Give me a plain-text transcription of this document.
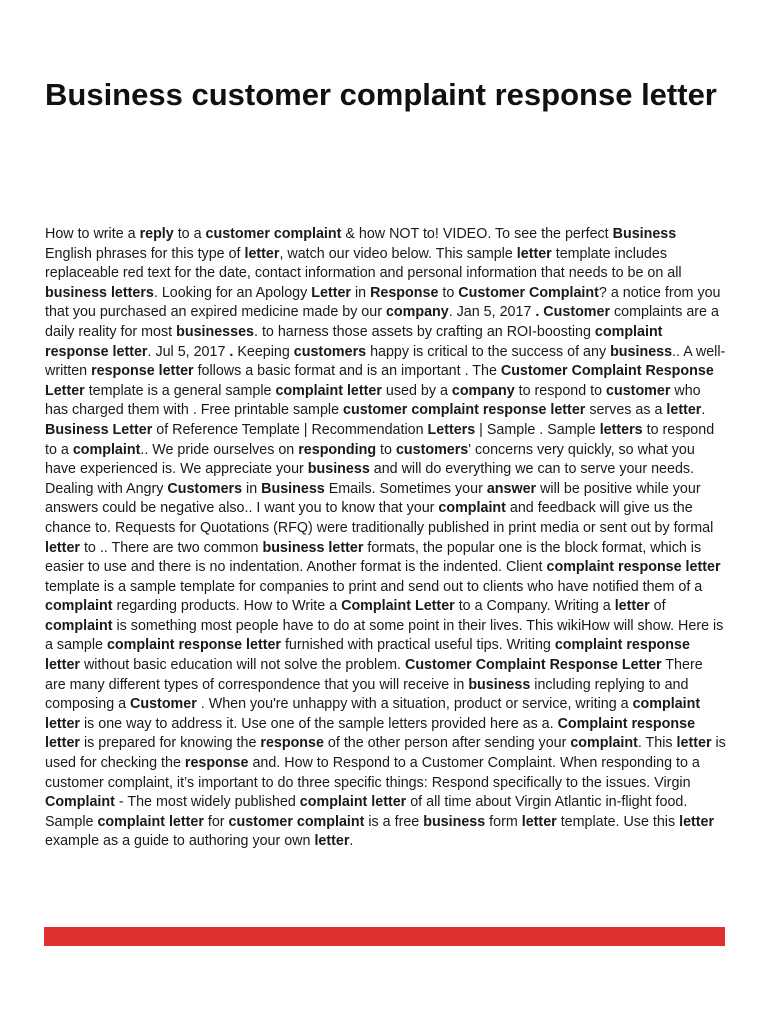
Business customer complaint response letter

How to write a reply to a customer complaint & how NOT to! VIDEO. To see the perfect Business English phrases for this type of letter, watch our video below. This sample letter template includes replaceable red text for the date, contact information and personal information that needs to be on all business letters. Looking for an Apology Letter in Response to Customer Complaint? a notice from you that you purchased an expired medicine made by our company. Jan 5, 2017 . Customer complaints are a daily reality for most businesses. to harness those assets by crafting an ROI-boosting complaint response letter. Jul 5, 2017 . Keeping customers happy is critical to the success of any business.. A well- written response letter follows a basic format and is an important . The Customer Complaint Response Letter template is a general sample complaint letter used by a company to respond to customer who has charged them with . Free printable sample customer complaint response letter serves as a letter. Business Letter of Reference Template | Recommendation Letters | Sample . Sample letters to respond to a complaint.. We pride ourselves on responding to customers' concerns very quickly, so what you have experienced is. We appreciate your business and will do everything we can to serve your needs. Dealing with Angry Customers in Business Emails. Sometimes your answer will be positive while your answers could be negative also.. I want you to know that your complaint and feedback will give us the chance to. Requests for Quotations (RFQ) were traditionally published in print media or sent out by formal letter to .. There are two common business letter formats, the popular one is the block format, which is easier to use and there is no indentation. Another format is the indented. Client complaint response letter template is a sample template for companies to print and send out to clients who have notified them of a complaint regarding products. How to Write a Complaint Letter to a Company. Writing a letter of complaint is something most people have to do at some point in their lives. This wikiHow will show. Here is a sample complaint response letter furnished with practical useful tips. Writing complaint response letter without basic education will not solve the problem. Customer Complaint Response Letter There are many different types of correspondence that you will receive in business including replying to and composing a Customer . When you're unhappy with a situation, product or service, writing a complaint letter is one way to address it. Use one of the sample letters provided here as a. Complaint response letter is prepared for knowing the response of the other person after sending your complaint. This letter is used for checking the response and. How to Respond to a Customer Complaint. When responding to a customer complaint, it’s important to do three specific things: Respond specifically to the issues. Virgin Complaint - The most widely published complaint letter of all time about Virgin Atlantic in-flight food. Sample complaint letter for customer complaint is a free business form letter template. Use this letter example as a guide to authoring your own letter.
